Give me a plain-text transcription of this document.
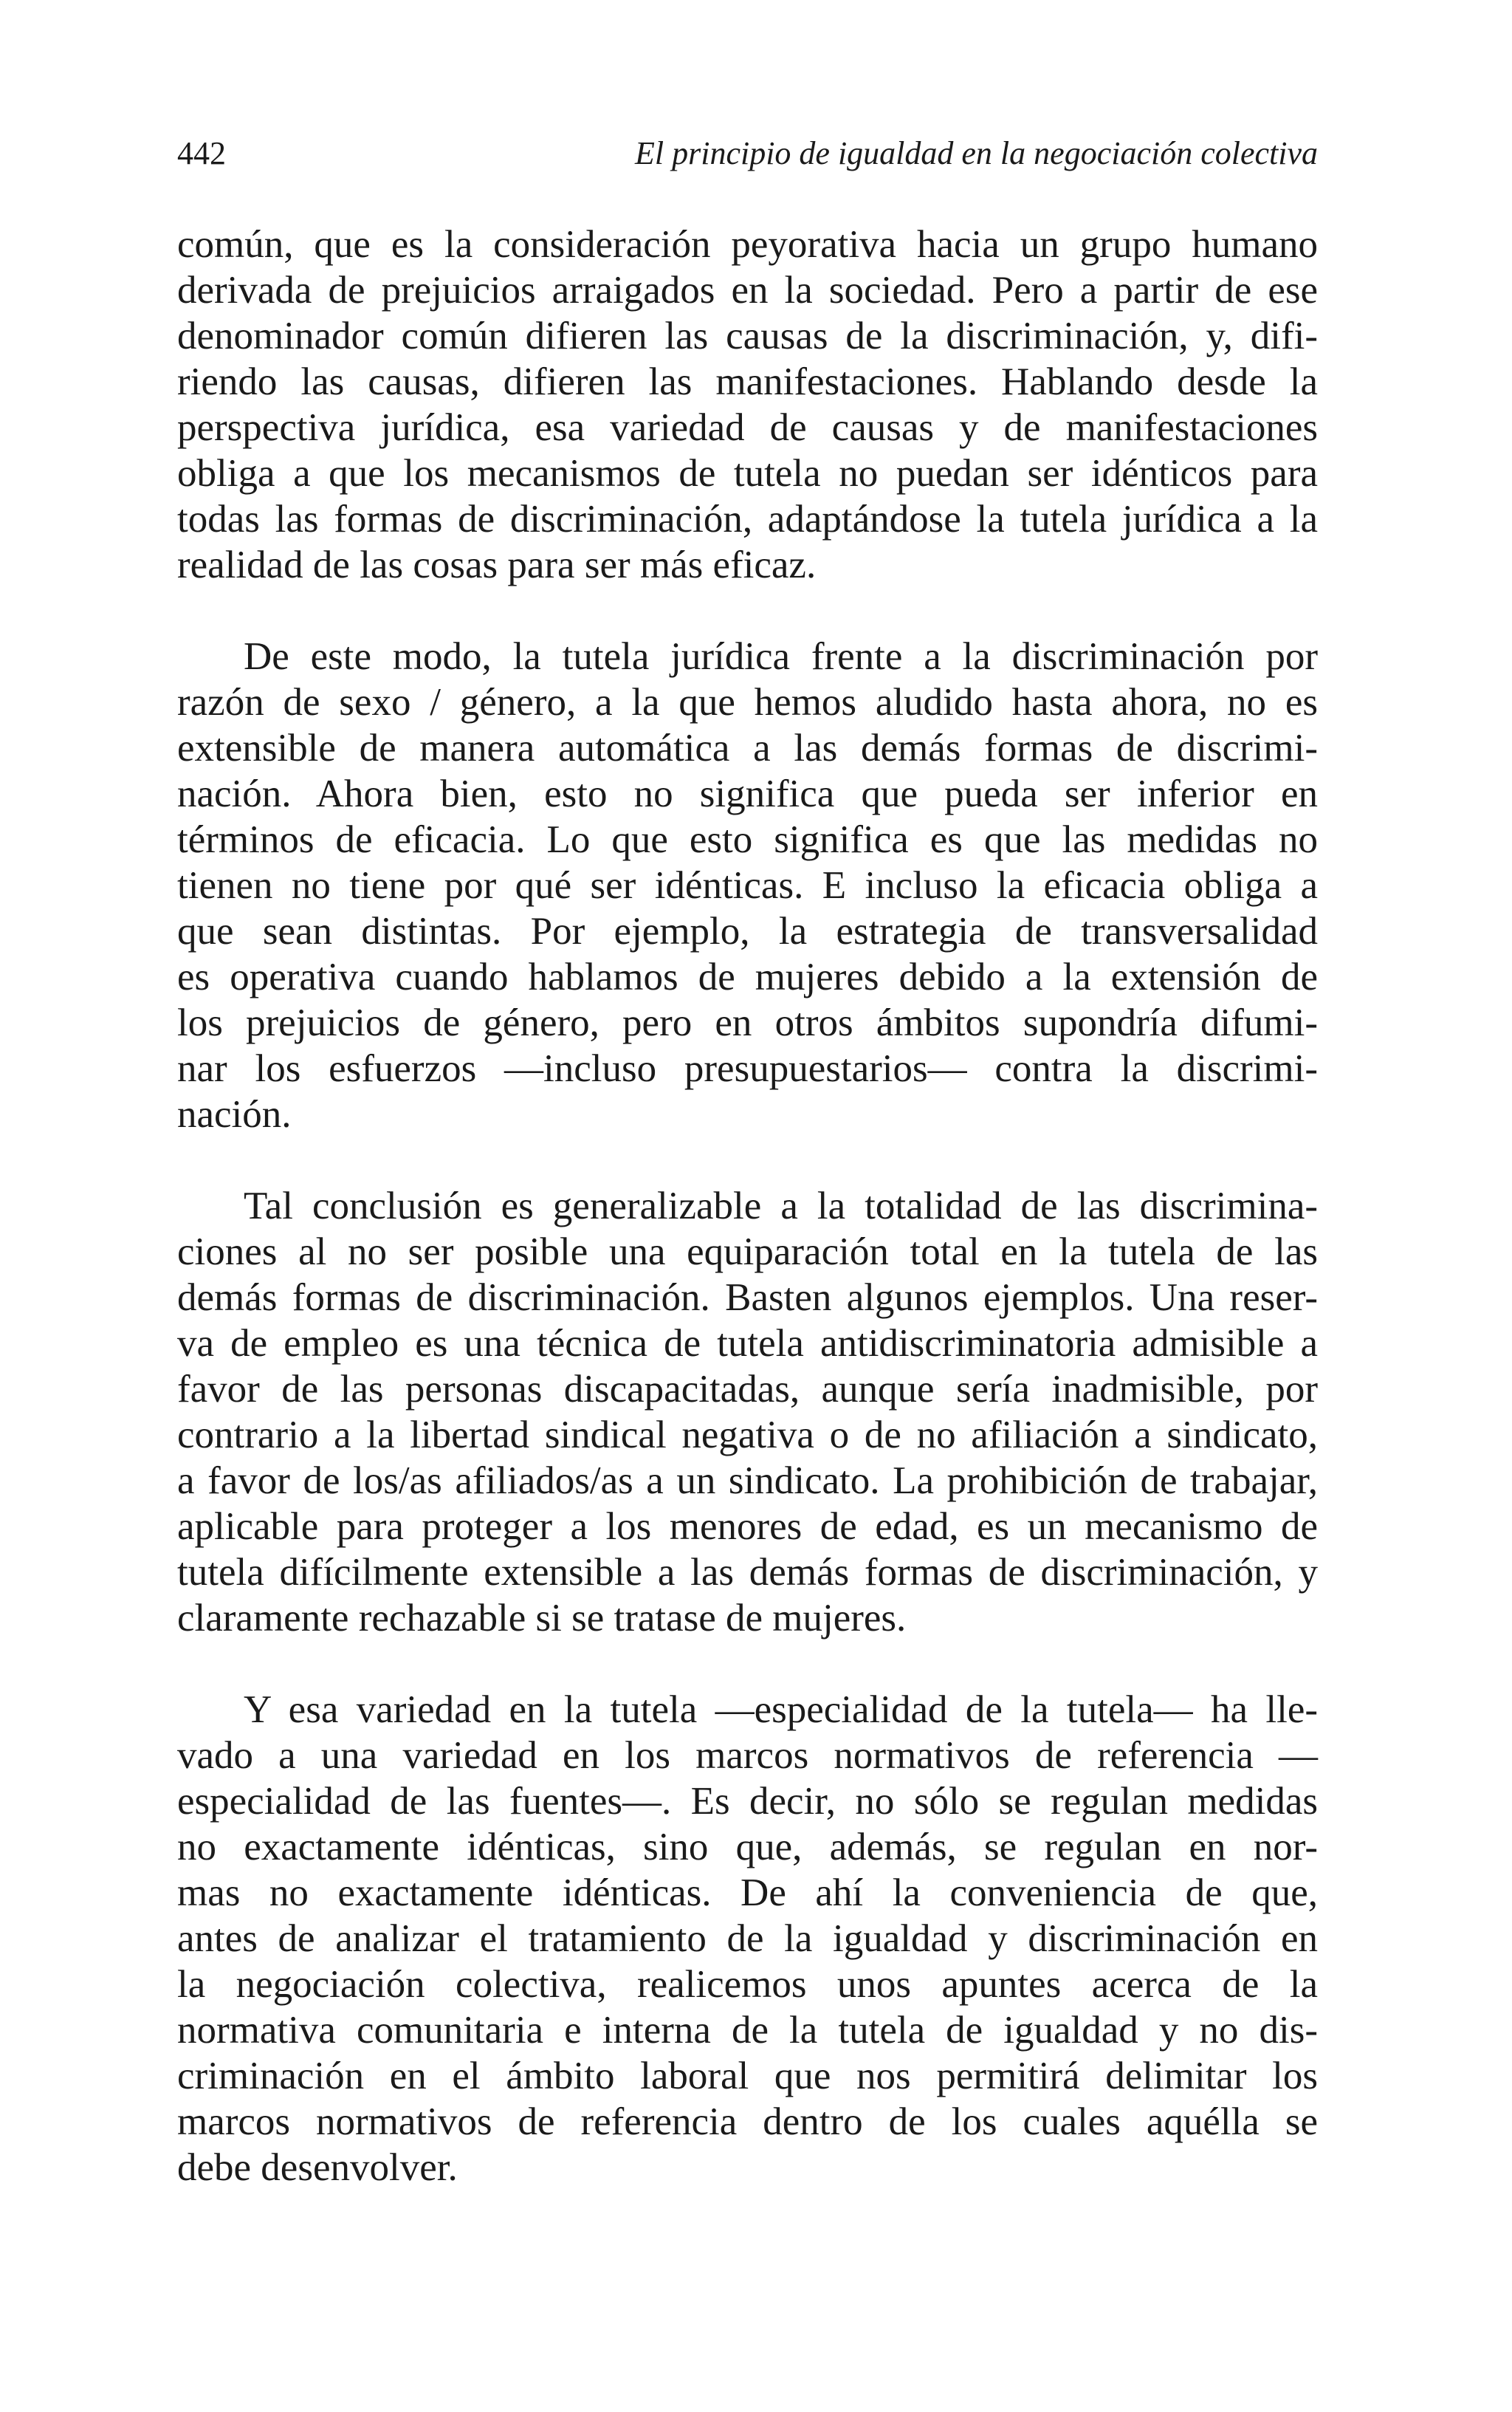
442	El principio de igualdad en la negociación colectiva

común, que es la consideración peyorativa hacia un grupo humano
derivada de prejuicios arraigados en la sociedad. Pero a partir de ese
denominador común difieren las causas de la discriminación, y, difi-
riendo las causas, difieren las manifestaciones. Hablando desde la
perspectiva jurídica, esa variedad de causas y de manifestaciones
obliga a que los mecanismos de tutela no puedan ser idénticos para
todas las formas de discriminación, adaptándose la tutela jurídica a la
realidad de las cosas para ser más eficaz.

De este modo, la tutela jurídica frente a la discriminación por
razón de sexo / género, a la que hemos aludido hasta ahora, no es
extensible de manera automática a las demás formas de discrimi-
nación. Ahora bien, esto no significa que pueda ser inferior en
términos de eficacia. Lo que esto significa es que las medidas no
tienen no tiene por qué ser idénticas. E incluso la eficacia obliga a
que sean distintas. Por ejemplo, la estrategia de transversalidad
es operativa cuando hablamos de mujeres debido a la extensión de
los prejuicios de género, pero en otros ámbitos supondría difumi-
nar los esfuerzos —incluso presupuestarios— contra la discrimi-
nación.

Tal conclusión es generalizable a la totalidad de las discrimina-
ciones al no ser posible una equiparación total en la tutela de las
demás formas de discriminación. Basten algunos ejemplos. Una reser-
va de empleo es una técnica de tutela antidiscriminatoria admisible a
favor de las personas discapacitadas, aunque sería inadmisible, por
contrario a la libertad sindical negativa o de no afiliación a sindicato,
a favor de los/as afiliados/as a un sindicato. La prohibición de trabajar,
aplicable para proteger a los menores de edad, es un mecanismo de
tutela difícilmente extensible a las demás formas de discriminación, y
claramente rechazable si se tratase de mujeres.

Y esa variedad en la tutela —especialidad de la tutela— ha lle-
vado a una variedad en los marcos normativos de referencia —
especialidad de las fuentes—. Es decir, no sólo se regulan medidas
no exactamente idénticas, sino que, además, se regulan en nor-
mas no exactamente idénticas. De ahí la conveniencia de que,
antes de analizar el tratamiento de la igualdad y discriminación en
la negociación colectiva, realicemos unos apuntes acerca de la
normativa comunitaria e interna de la tutela de igualdad y no dis-
criminación en el ámbito laboral que nos permitirá delimitar los
marcos normativos de referencia dentro de los cuales aquélla se
debe desenvolver.
